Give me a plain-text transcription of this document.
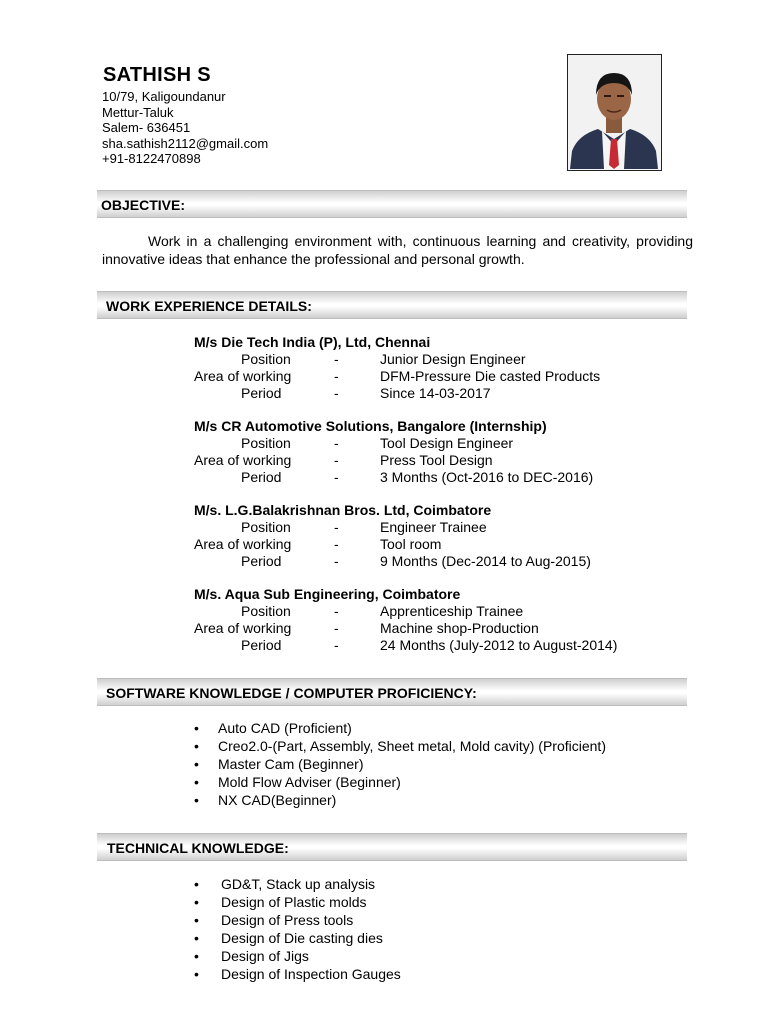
SATHISH S
10/79, Kaligoundanur
Mettur-Taluk
Salem- 636451
sha.sathish2112@gmail.com
+91-8122470898
OBJECTIVE:
Work in a challenging environment with, continuous learning and creativity, providing innovative ideas that enhance the professional and personal growth.
WORK EXPERIENCE DETAILS:
M/s Die Tech India (P), Ltd, Chennai
Position	-	Junior Design Engineer
Area of working	-	DFM-Pressure Die casted Products
Period	-	Since 14-03-2017
M/s CR Automotive Solutions, Bangalore (Internship)
Position	-	Tool Design Engineer
Area of working	-	Press Tool Design
Period	-	3 Months (Oct-2016 to DEC-2016)
M/s. L.G.Balakrishnan Bros. Ltd, Coimbatore
Position	-	Engineer Trainee
Area of working	-	Tool room
Period	-	9 Months (Dec-2014 to Aug-2015)
M/s. Aqua Sub Engineering, Coimbatore
Position	-	Apprenticeship Trainee
Area of working	-	Machine shop-Production
Period	-	24 Months (July-2012 to August-2014)
SOFTWARE KNOWLEDGE / COMPUTER PROFICIENCY:
• Auto CAD (Proficient)
• Creo2.0-(Part, Assembly, Sheet metal, Mold cavity) (Proficient)
• Master Cam (Beginner)
• Mold Flow Adviser (Beginner)
• NX CAD(Beginner)
TECHNICAL KNOWLEDGE:
• GD&T, Stack up analysis
• Design of Plastic molds
• Design of Press tools
• Design of Die casting dies
• Design of Jigs
• Design of Inspection Gauges
